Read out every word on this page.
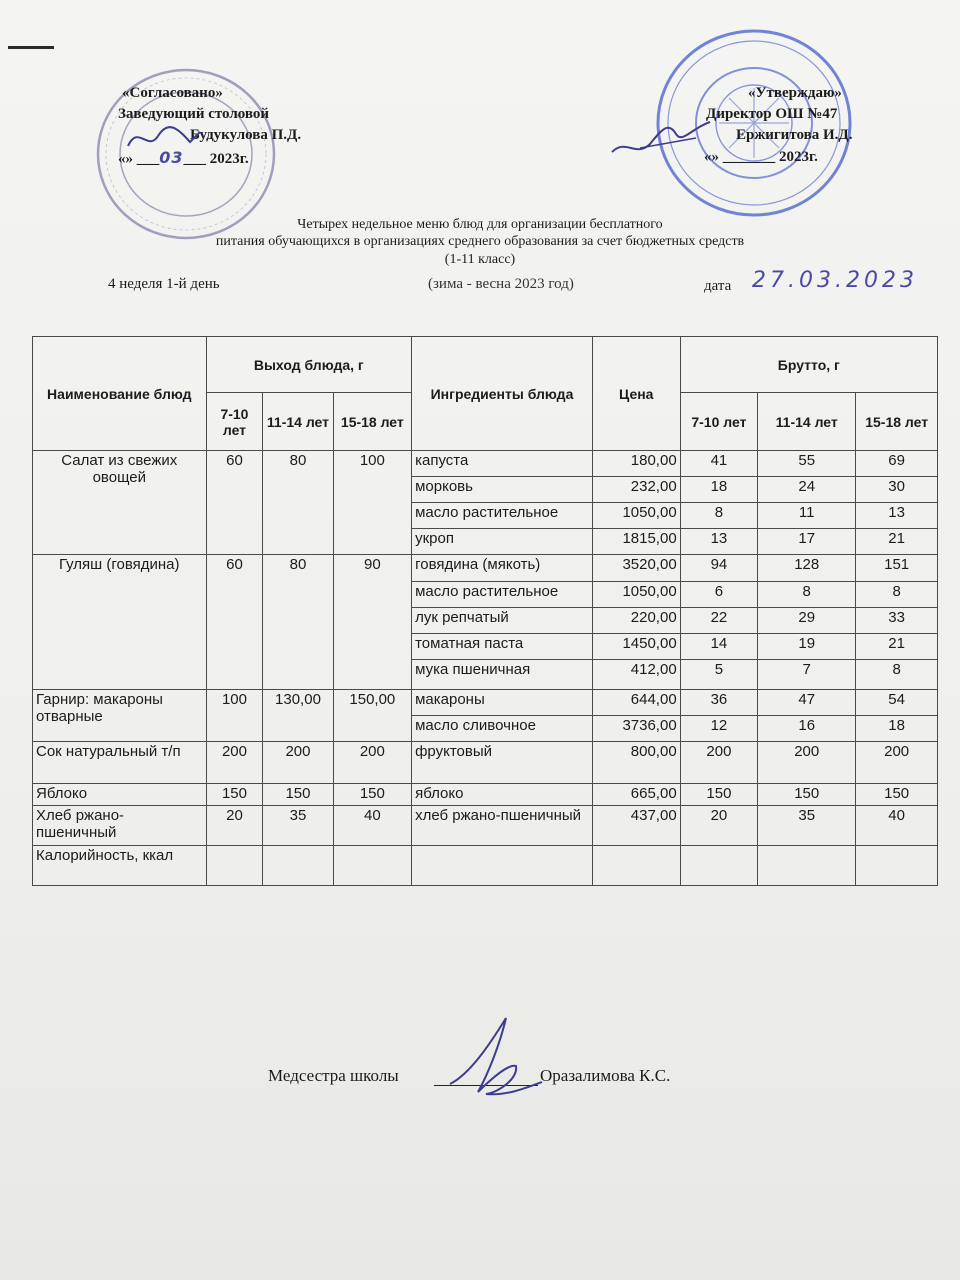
«Согласовано»
Заведующий столовой
Будукулова П.Д.
«» ___03___ 2023г.
«Утверждаю»
Директор ОШ №47
Ержигитова И.Д.
«» _______ 2023г.
Четырех недельное меню блюд для организации бесплатного
питания обучающихся в организациях среднего образования за счет бюджетных средств
(1-11 класс)
4 неделя 1-й день	(зима - весна 2023 год)	дата 27.03.2023
Наименование блюд	Выход блюда, г			Ингредиенты блюда	Цена	Брутто, г		
	7-10 лет	11-14 лет	15-18 лет			7-10 лет	11-14 лет	15-18 лет
Салат из свежих овощей	60	80	100	капуста	180,00	41	55	69
				морковь	232,00	18	24	30
				масло растительное	1050,00	8	11	13
				укроп	1815,00	13	17	21
Гуляш (говядина)	60	80	90	говядина (мякоть)	3520,00	94	128	151
				масло растительное	1050,00	6	8	8
				лук репчатый	220,00	22	29	33
				томатная паста	1450,00	14	19	21
				мука пшеничная	412,00	5	7	8
Гарнир: макароны отварные	100	130,00	150,00	макароны	644,00	36	47	54
				масло сливочное	3736,00	12	16	18
Сок натуральный т/п	200	200	200	фруктовый	800,00	200	200	200
Яблоко	150	150	150	яблоко	665,00	150	150	150
Хлеб ржано-пшеничный	20	35	40	хлеб ржано-пшеничный	437,00	20	35	40
Калорийность, ккал								
Медсестра школы	Оразалимова К.С.
